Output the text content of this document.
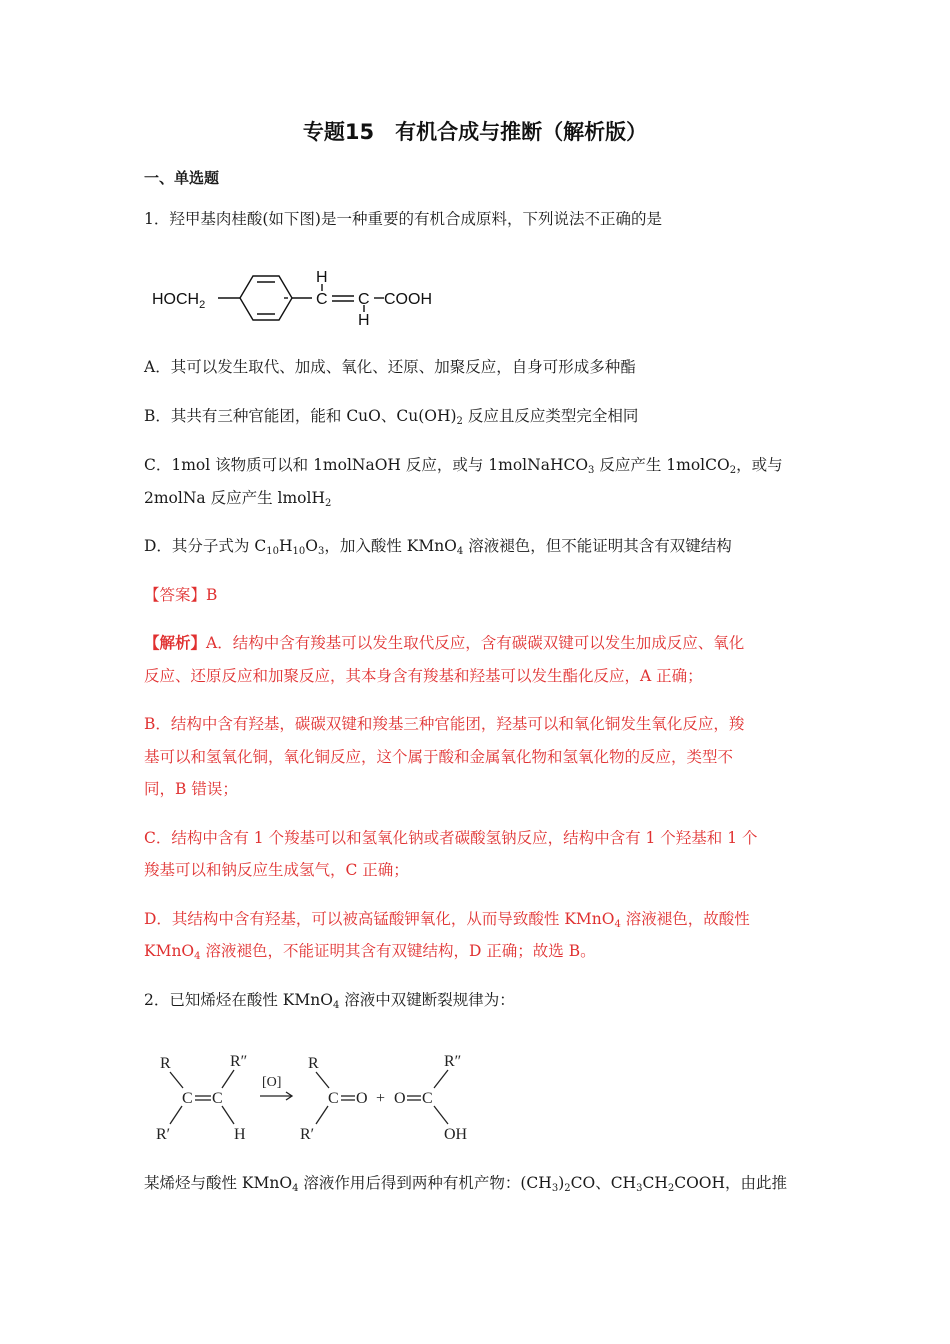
专题15　有机合成与推断（解析版）
一、单选题
1．羟甲基肉桂酸(如下图)是一种重要的有机合成原料，下列说法不正确的是
$HOCH_2$
H
C C
H
COOH
A．其可以发生取代、加成、氧化、还原、加聚反应，自身可形成多种酯
B．其共有三种官能团，能和 CuO、$Cu(OH)_2$ 反应且反应类型完全相同
C．1mol 该物质可以和 1molNaOH 反应，或与 1molNaHCO$_3$ 反应产生 1molCO$_2$，或与
2molNa 反应产生 lmolH$_2$
D．其分子式为 $C_{10}H_{10}O_3$，加入酸性 KMnO$_4$ 溶液褪色，但不能证明其含有双键结构
【答案】B
【解析】A．结构中含有羧基可以发生取代反应，含有碳碳双键可以发生加成反应、氧化
反应、还原反应和加聚反应，其本身含有羧基和羟基可以发生酯化反应，A 正确；
B．结构中含有羟基，碳碳双键和羧基三种官能团，羟基可以和氧化铜发生氧化反应，羧
基可以和氢氧化铜，氧化铜反应，这个属于酸和金属氧化物和氢氧化物的反应，类型不
同，B 错误；
C．结构中含有 1 个羧基可以和氢氧化钠或者碳酸氢钠反应，结构中含有 1 个羟基和 1 个
羧基可以和钠反应生成氢气，C 正确；
D．其结构中含有羟基，可以被高锰酸钾氧化，从而导致酸性 KMnO$_4$ 溶液褪色，故酸性
KMnO$_4$ 溶液褪色，不能证明其含有双键结构，D 正确；故选 B。
2．已知烯烃在酸性 KMnO$_4$ 溶液中双键断裂规律为：
R	R″
C C
R′	H
[O]
R
C O
R′
+ O C
R″
OH
某烯烃与酸性 KMnO$_4$ 溶液作用后得到两种有机产物：$(CH_3)_2CO$、$CH_3CH_2COOH$，由此推
